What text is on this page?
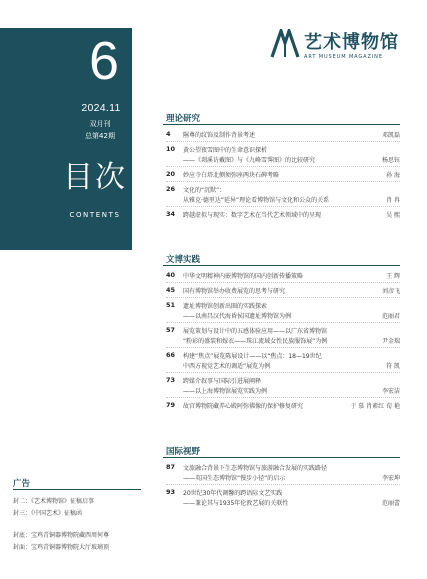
6
2024.11
双月刊
总第42期
目次
CONTENTS
艺术博物馆
ART MUSEUM MAGAZINE
理论研究
4 隰尊的纹饰及制作背景考述	邓凯磊
10 黄公望夜雪图中的生命意识探析
——《剡溪访戴图》与《九峰雪霁图》的比较研究	杨思钰
20 妙应寺白塔北侧须弥座两块石碑考略	孙 海
26 文化的“沉默”：
从雅克·德里达“延异”理论看博物馆与文化和公众的关系	肖 冉
34 跨越虚拟与现实：数字艺术在当代艺术领域中的呈现	吴 熙
文博实践
40 中华文明精神内嵌博物馆的国内创新传播策略	王 辉
45 国有博物馆举办收费展览的思考与研究	刘彦飞
51 遗址博物馆创新出圈的实践探索
——以南昌汉代海昏侯国遗址博物馆为例	范丽君
57 展览策划与设计中的五感体验应用——以广东省博物馆
“粉彩的盛装和嫁衣——珠江流域女性民族服饰展”为例	尹金瑞
66 构建“焦点”展览陈展设计——以“焦点：18—19世纪
中西方视觉艺术的调适”展览为例	符 凯
73 跨媒介叙事与国际引进展阐释
——以上海博物馆展览实践为例	李宏洁
79 故宫博物院藏养心殿阿弥佛像的保护修复研究	于 慕 肖素红 荀 艳
国际视野
87 文旅融合背景下生态博物馆与旅游融合发展的实践路径
——英国生态博物馆“慢步小径”的启示	李宏坤
93 20世纪30年代调馨的跨语际文艺实践
——兼论其与1935年伦敦艺展的关联性	范丽蕾
广告
封二：《艺术博物馆》征稿启事
封三：《中国艺术》征稿函
封底：宝鸡青铜器博物院藏西周何尊
封面：宝鸡青铜器博物院大厅玻璃顶
